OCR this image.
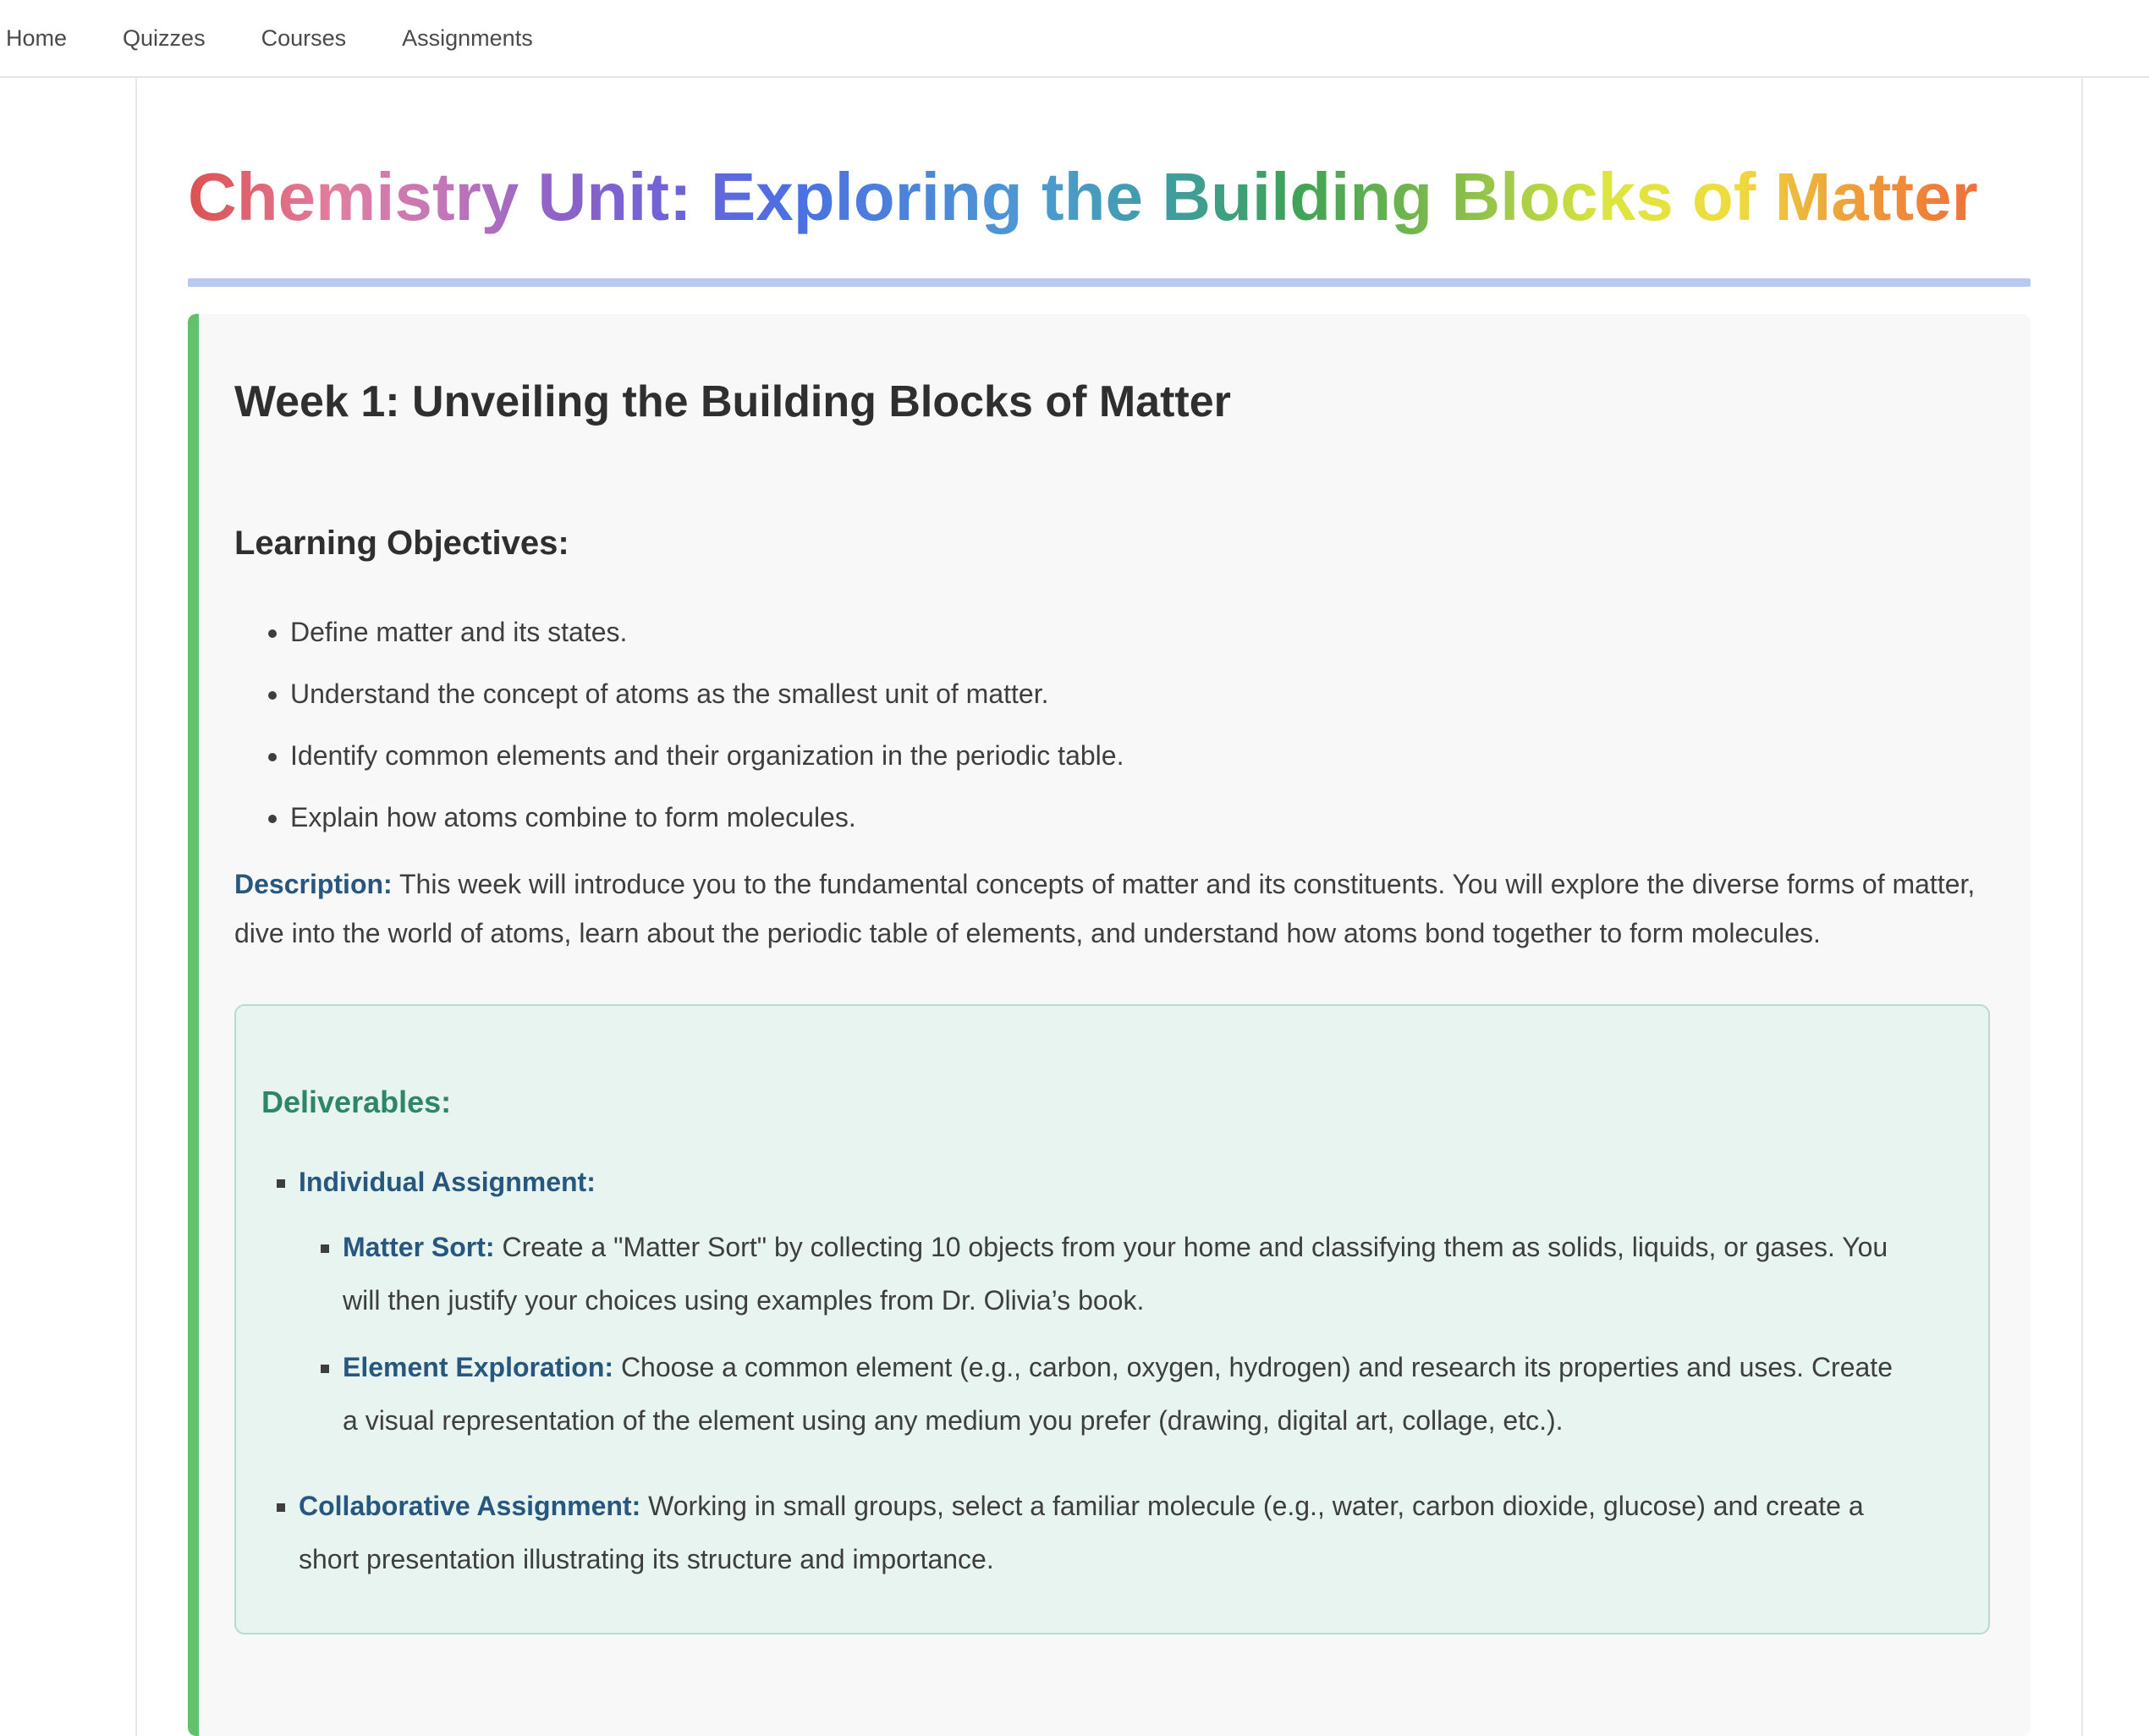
Home Quizzes Courses Assignments
Chemistry Unit: Exploring the Building Blocks of Matter
Week 1: Unveiling the Building Blocks of Matter
Learning Objectives:
• Define matter and its states.
• Understand the concept of atoms as the smallest unit of matter.
• Identify common elements and their organization in the periodic table.
• Explain how atoms combine to form molecules.

Description: This week will introduce you to the fundamental concepts of matter and its constituents. You will explore the diverse forms of matter, dive into the world of atoms, learn about the periodic table of elements, and understand how atoms bond together to form molecules.

Deliverables:
▪ Individual Assignment:
▪ Matter Sort: Create a "Matter Sort" by collecting 10 objects from your home and classifying them as solids, liquids, or gases. You will then justify your choices using examples from Dr. Olivia’s book.
▪ Element Exploration: Choose a common element (e.g., carbon, oxygen, hydrogen) and research its properties and uses. Create a visual representation of the element using any medium you prefer (drawing, digital art, collage, etc.).
▪ Collaborative Assignment: Working in small groups, select a familiar molecule (e.g., water, carbon dioxide, glucose) and create a short presentation illustrating its structure and importance.
